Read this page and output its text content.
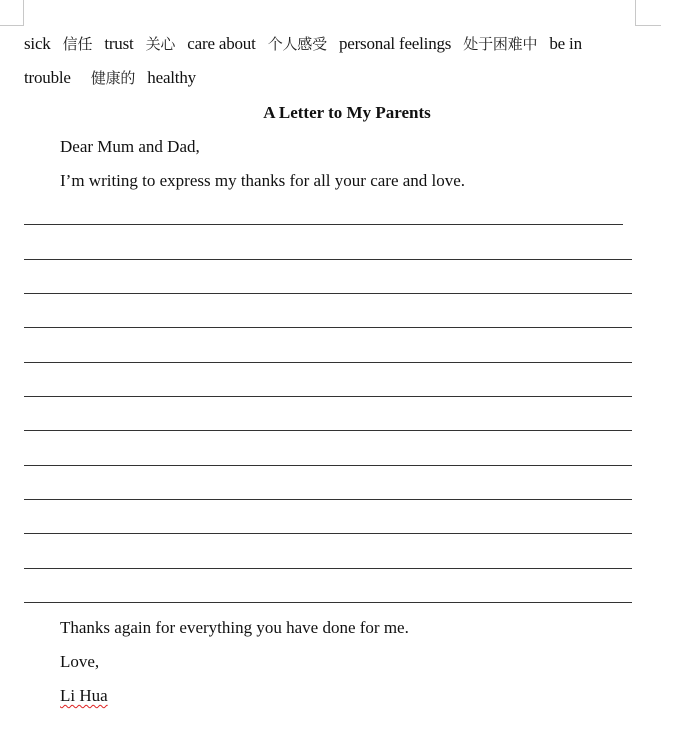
sick 信任 trust 关心 care about 个人感受 personal feelings 处于困难中 be in
trouble 健康的 healthy
A Letter to My Parents
Dear Mum and Dad,
I’m writing to express my thanks for all your care and love.
Thanks again for everything you have done for me.
Love,
Li Hua
